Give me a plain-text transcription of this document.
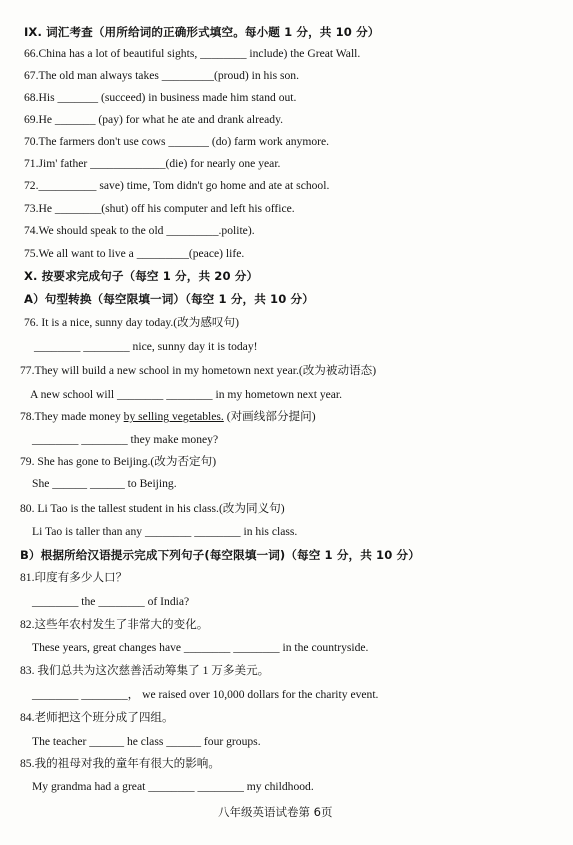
IX. 词汇考查（用所给词的正确形式填空。每小题 1 分，共 10 分）
66.China has a lot of beautiful sights, ________ include) the Great Wall.
67.The old man always takes _________(proud) in his son.
68.His _______ (succeed) in business made him stand out.
69.He _______ (pay) for what he ate and drank already.
70.The farmers don't use cows _______ (do) farm work anymore.
71.Jim' father _____________(die) for nearly one year.
72.__________ save) time, Tom didn't go home and ate at school.
73.He ________(shut) off his computer and left his office.
74.We should speak to the old _________.polite).
75.We all want to live a _________(peace) life.
X. 按要求完成句子（每空 1 分，共 20 分）
A）句型转换（每空限填一词）（每空 1 分，共 10 分）
76. It is a nice, sunny day today.(改为感叹句)
________ ________ nice, sunny day it is today!
77.They will build a new school in my hometown next year.(改为被动语态)
A new school will ________ ________ in my hometown next year.
78.They made money by selling vegetables. (对画线部分提问)
________ ________ they make money?
79. She has gone to Beijing.(改为否定句)
She ______ ______ to Beijing.
80. Li Tao is the tallest student in his class.(改为同义句)
Li Tao is taller than any ________ ________ in his class.
B）根据所给汉语提示完成下列句子(每空限填一词)（每空 1 分，共 10 分）
81.印度有多少人口？
________ the ________ of India?
82.这些年农村发生了非常大的变化。
These years, great changes have ________ ________ in the countryside.
83. 我们总共为这次慈善活动筹集了 1 万多美元。
________ ________， we raised over 10,000 dollars for the charity event.
84.老师把这个班分成了四组。
The teacher ______ he class ______ four groups.
85.我的祖母对我的童年有很大的影响。
My grandma had a great ________ ________ my childhood.
八年级英语试卷第 6页
